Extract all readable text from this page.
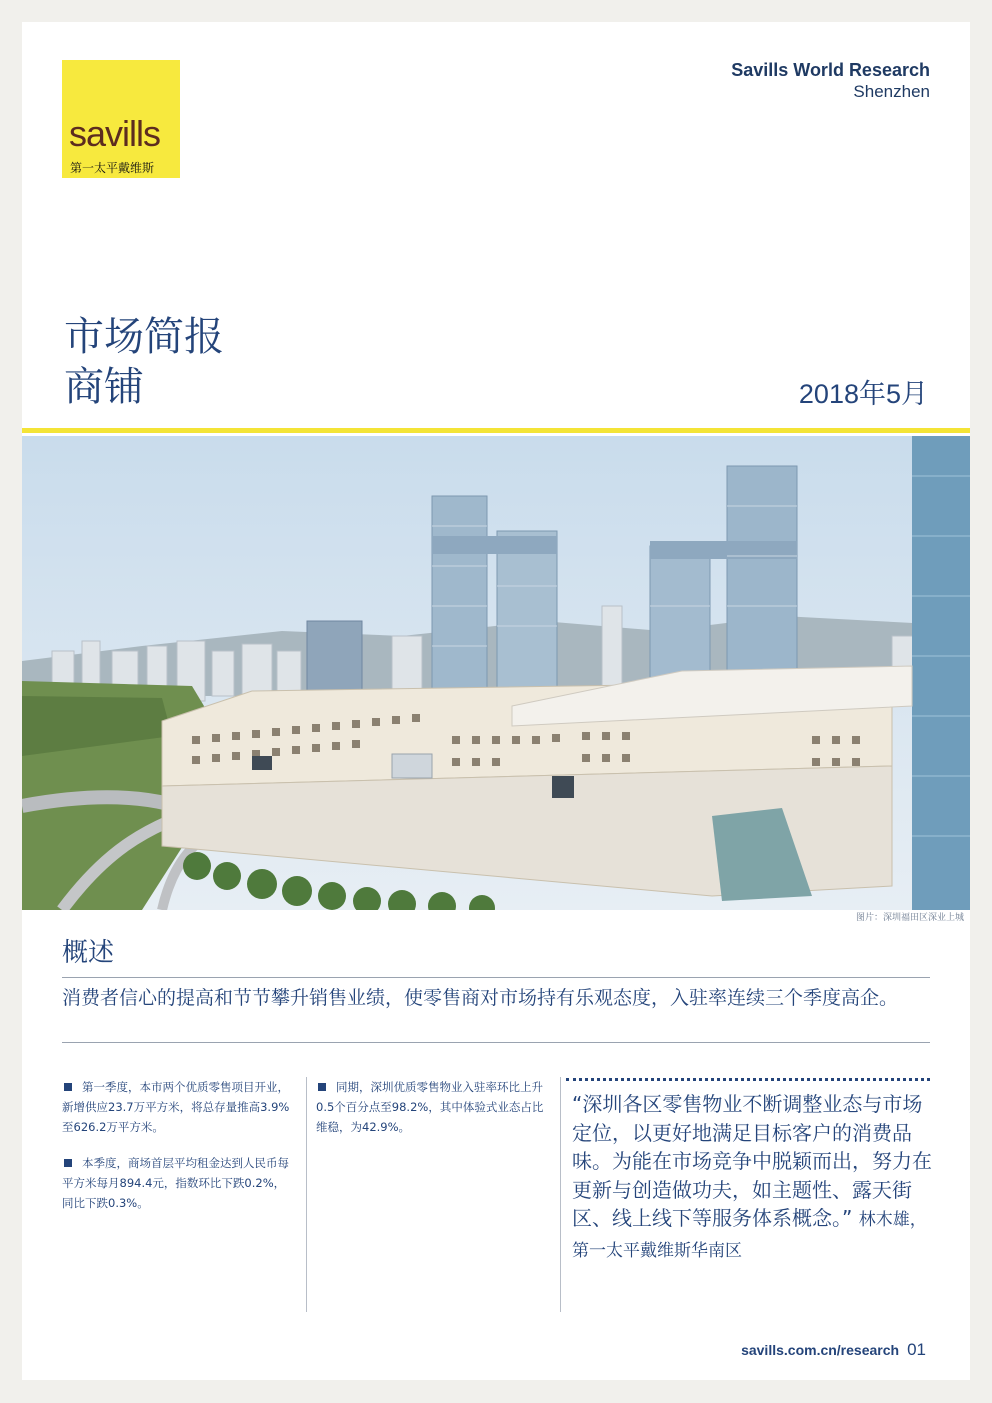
savills
第一太平戴维斯
Savills World Research
Shenzhen
市场简报
商铺	2018年5月
图片：深圳福田区深业上城
概述
消费者信心的提高和节节攀升销售业绩，使零售商对市场持有乐观态度，入驻率连续三个季度高企。

第一季度，本市两个优质零售项目开业，新增供应23.7万平方米，将总存量推高3.9%至626.2万平方米。

本季度，商场首层平均租金达到人民币每平方米每月894.4元，指数环比下跌0.2%，同比下跌0.3%。

同期，深圳优质零售物业入驻率环比上升0.5个百分点至98.2%，其中体验式业态占比维稳，为42.9%。

“深圳各区零售物业不断调整业态与市场定位，以更好地满足目标客户的消费品味。为能在市场竞争中脱颖而出，努力在更新与创造做功夫，如主题性、露天街区、线上线下等服务体系概念。” 林木雄，第一太平戴维斯华南区
savills.com.cn/research 01
